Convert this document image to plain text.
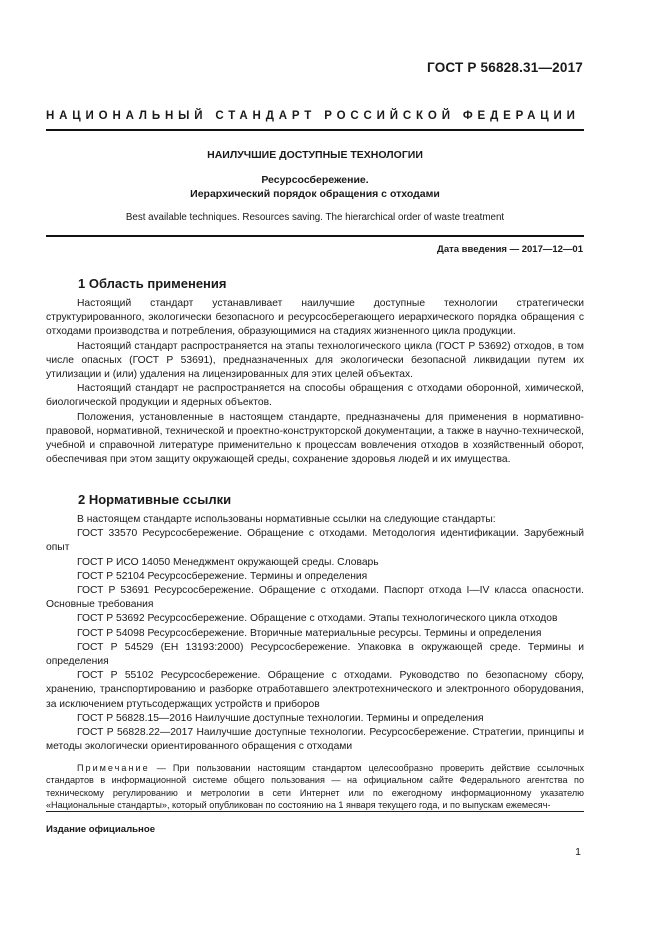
ГОСТ Р 56828.31—2017
НАЦИОНАЛЬНЫЙ СТАНДАРТ РОССИЙСКОЙ ФЕДЕРАЦИИ
НАИЛУЧШИЕ ДОСТУПНЫЕ ТЕХНОЛОГИИ
Ресурсосбережение.
Иерархический порядок обращения с отходами
Best available techniques. Resources saving. The hierarchical order of waste treatment
Дата введения — 2017—12—01
1 Область применения

Настоящий стандарт устанавливает наилучшие доступные технологии стратегически структурированного, экологически безопасного и ресурсосберегающего иерархического порядка обращения с отходами производства и потребления, образующимися на стадиях жизненного цикла продукции.

Настоящий стандарт распространяется на этапы технологического цикла (ГОСТ Р 53692) отходов, в том числе опасных (ГОСТ Р 53691), предназначенных для экологически безопасной ликвидации путем их утилизации и (или) удаления на лицензированных для этих целей объектах.

Настоящий стандарт не распространяется на способы обращения с отходами оборонной, химической, биологической продукции и ядерных объектов.

Положения, установленные в настоящем стандарте, предназначены для применения в нормативно-правовой, нормативной, технической и проектно-конструкторской документации, а также в научно-технической, учебной и справочной литературе применительно к процессам вовлечения отходов в хозяйственный оборот, обеспечивая при этом защиту окружающей среды, сохранение здоровья людей и их имущества.

2 Нормативные ссылки

В настоящем стандарте использованы нормативные ссылки на следующие стандарты:

ГОСТ 33570 Ресурсосбережение. Обращение с отходами. Методология идентификации. Зарубежный опыт

ГОСТ Р ИСО 14050 Менеджмент окружающей среды. Словарь

ГОСТ Р 52104 Ресурсосбережение. Термины и определения

ГОСТ Р 53691 Ресурсосбережение. Обращение с отходами. Паспорт отхода I—IV класса опасности. Основные требования

ГОСТ Р 53692 Ресурсосбережение. Обращение с отходами. Этапы технологического цикла отходов

ГОСТ Р 54098 Ресурсосбережение. Вторичные материальные ресурсы. Термины и определения

ГОСТ Р 54529 (ЕН 13193:2000) Ресурсосбережение. Упаковка в окружающей среде. Термины и определения

ГОСТ Р 55102 Ресурсосбережение. Обращение с отходами. Руководство по безопасному сбору, хранению, транспортированию и разборке отработавшего электротехнического и электронного оборудования, за исключением ртутьсодержащих устройств и приборов

ГОСТ Р 56828.15—2016 Наилучшие доступные технологии. Термины и определения

ГОСТ Р 56828.22—2017 Наилучшие доступные технологии. Ресурсосбережение. Стратегии, принципы и методы экологически ориентированного обращения с отходами

Примечание — При пользовании настоящим стандартом целесообразно проверить действие ссылочных стандартов в информационной системе общего пользования — на официальном сайте Федерального агентства по техническому регулированию и метрологии в сети Интернет или по ежегодному информационному указателю «Национальные стандарты», который опубликован по состоянию на 1 января текущего года, и по выпускам ежемесяч-
Издание официальное
1
